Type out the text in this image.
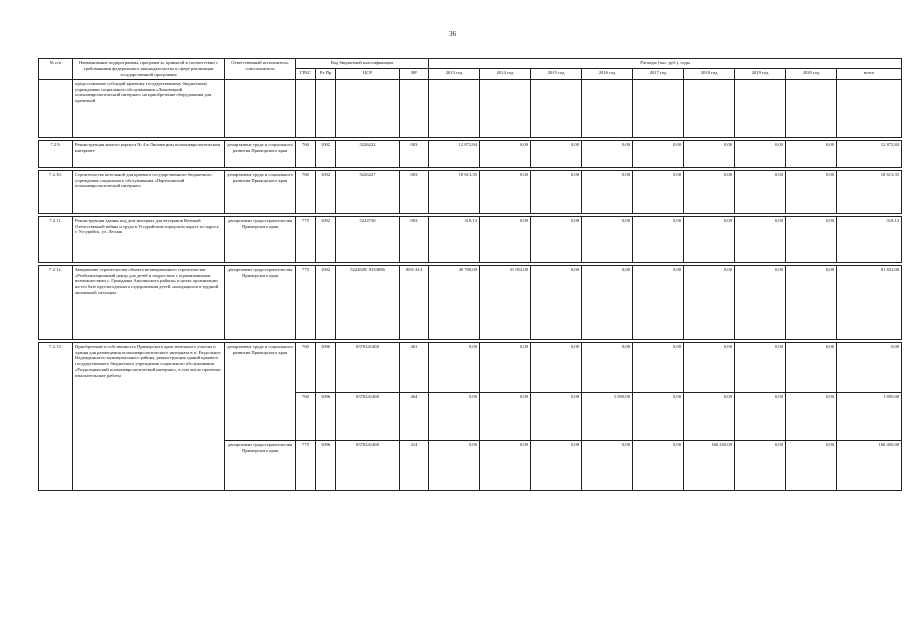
36
№ п/п	Наименование подпрограммы, программ ы, принятой в соответствии с требованиями федерального законодательства в сфере реализации государственной программы	Ответственный исполнитель, соисполнитель	Код бюджетной классификации				Расходы (тыс. руб.), годы								
			ГРБС	Рз Пр	ЦСР	ВР	2013 год	2014 год	2015 год	2016 год	2017 год	2018 год	2019 год	2020 год	всего
	предоставление субсидий краевому государственному бюджетному учреждению социального обслуживания «Липовецкий психоневрологический интернат» на приобретение оборудования для прачечной														

7.2.9.	Реконструкция жилого корпуса № 4 в Липовецком психоневрологическом интернате	департамент труда и социального развития Приморского края	760	1002	5226222	003	12 872,84	0,00	0,00	0,00	0,00	0,00	0,00	0,00	12 872,84

7.2.10.	Строительство котельной для краевого государственного бюджетного учреждения социального обслуживания «Партизанский психоневрологический интернат»	департамент труда и социального развития Приморского края	760	1002	5226227	003	18 613,35	0,00	0,00	0,00	0,00	0,00	0,00	0,00	18 613,35

7.2.11.	Реконструкция здания под дом-интернат для ветеранов Великой Отечественной войны и труда в Уссурийском городском округе по адресу г. Уссурийск, ул. Лесная	департамент градостроительства Приморского края	775	1002	5224736	003	318,13	0,00	0,00	0,00	0,00	0,00	0,00	0,00	318,13

7.2.12.	Завершение строительства объекта незавершенного строительства «Реабилитационный центр для детей и подростков с ограниченными возможностями с. Гражданка Анучинского района» в целях организации на его базе круглогодичного оздоровления детей, находящихся в трудной жизненной ситуации	департамент градостроительства Приморского края	775	1002	5224828/ 0334086	003/ 414	49 700,00	31 952,00	0,00	0,00	0,00	0,00	0,00	0,00	81 652,00

7.2.13.	Приобретение в собственность Приморского края земельного участка и здания для размещения психоневрологического интерната в п. Раздольное Надеждинского муниципального района, реконструкция зданий краевого государственного бюджетного учреждения социального обслуживания «Раздольненский психоневрологический интернат», в том числе проектно-изыскательские работы	департамент труда и социального развития Приморского края	760	1006	0370241460	461	0,00	0,00	0,00	0,00	0,00	0,00	0,00	0,00	0,00
			760	1006	0370241460	464	0,00	0,00	0,00	1 850,00	0,00	0,00	0,00	0,00	1 850,00
		департамент градостроительства Приморского края	775	1006	0370241460	414	0,00	0,00	0,00	0,00	0,00	166 450,00	0,00	0,00	166 450,00
